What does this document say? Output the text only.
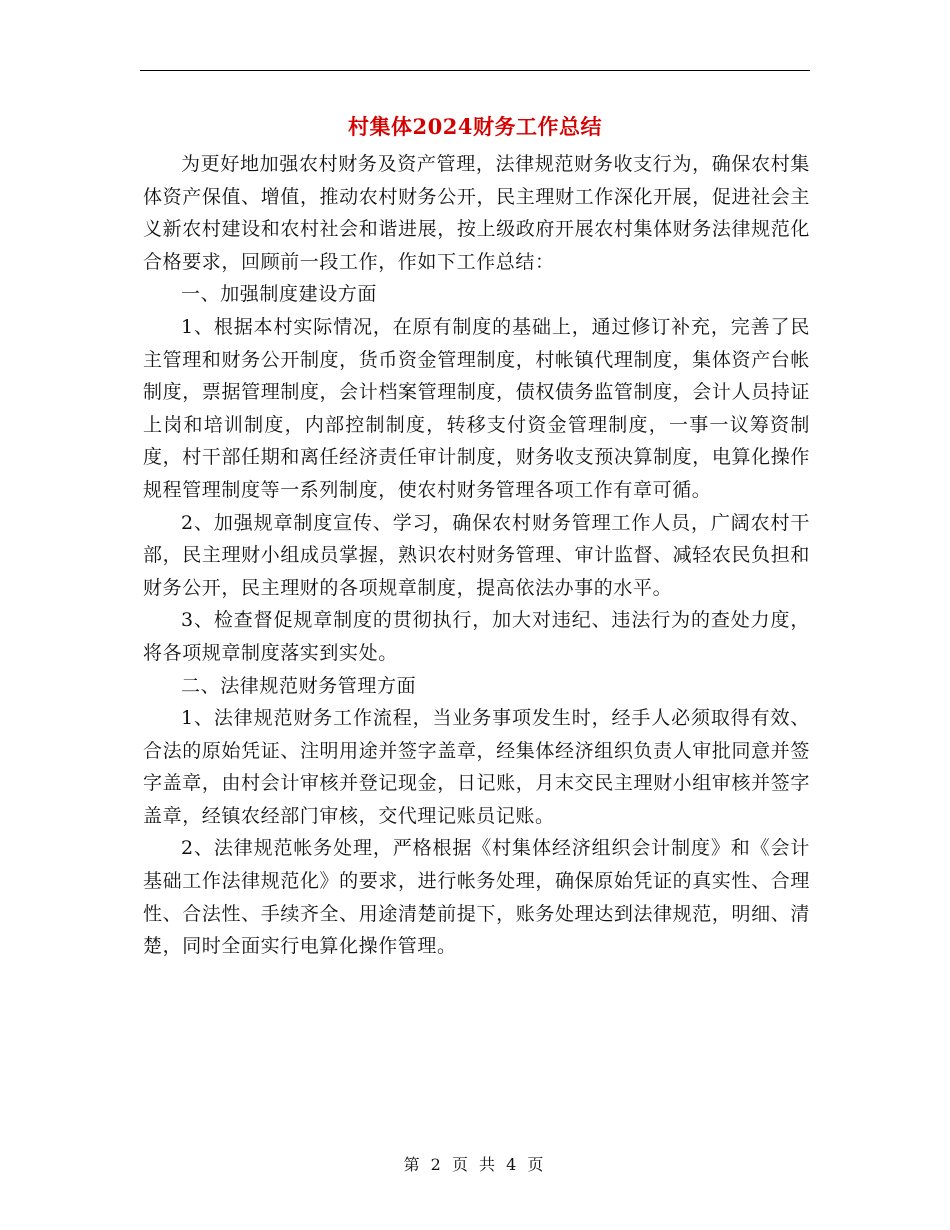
村集体2024财务工作总结

为更好地加强农村财务及资产管理，法律规范财务收支行为，确保农村集体资产保值、增值，推动农村财务公开，民主理财工作深化开展，促进社会主义新农村建设和农村社会和谐进展，按上级政府开展农村集体财务法律规范化合格要求，回顾前一段工作，作如下工作总结：

一、加强制度建设方面

1、根据本村实际情况，在原有制度的基础上，通过修订补充，完善了民主管理和财务公开制度，货币资金管理制度，村帐镇代理制度，集体资产台帐制度，票据管理制度，会计档案管理制度，债权债务监管制度，会计人员持证上岗和培训制度，内部控制制度，转移支付资金管理制度，一事一议筹资制度，村干部任期和离任经济责任审计制度，财务收支预决算制度，电算化操作规程管理制度等一系列制度，使农村财务管理各项工作有章可循。

2、加强规章制度宣传、学习，确保农村财务管理工作人员，广阔农村干部，民主理财小组成员掌握，熟识农村财务管理、审计监督、减轻农民负担和财务公开，民主理财的各项规章制度，提高依法办事的水平。

3、检查督促规章制度的贯彻执行，加大对违纪、违法行为的查处力度，将各项规章制度落实到实处。

二、法律规范财务管理方面

1、法律规范财务工作流程，当业务事项发生时，经手人必须取得有效、合法的原始凭证、注明用途并签字盖章，经集体经济组织负责人审批同意并签字盖章，由村会计审核并登记现金，日记账，月末交民主理财小组审核并签字盖章，经镇农经部门审核，交代理记账员记账。

2、法律规范帐务处理，严格根据《村集体经济组织会计制度》和《会计基础工作法律规范化》的要求，进行帐务处理，确保原始凭证的真实性、合理性、合法性、手续齐全、用途清楚前提下，账务处理达到法律规范，明细、清楚，同时全面实行电算化操作管理。

第 2 页 共 4 页
